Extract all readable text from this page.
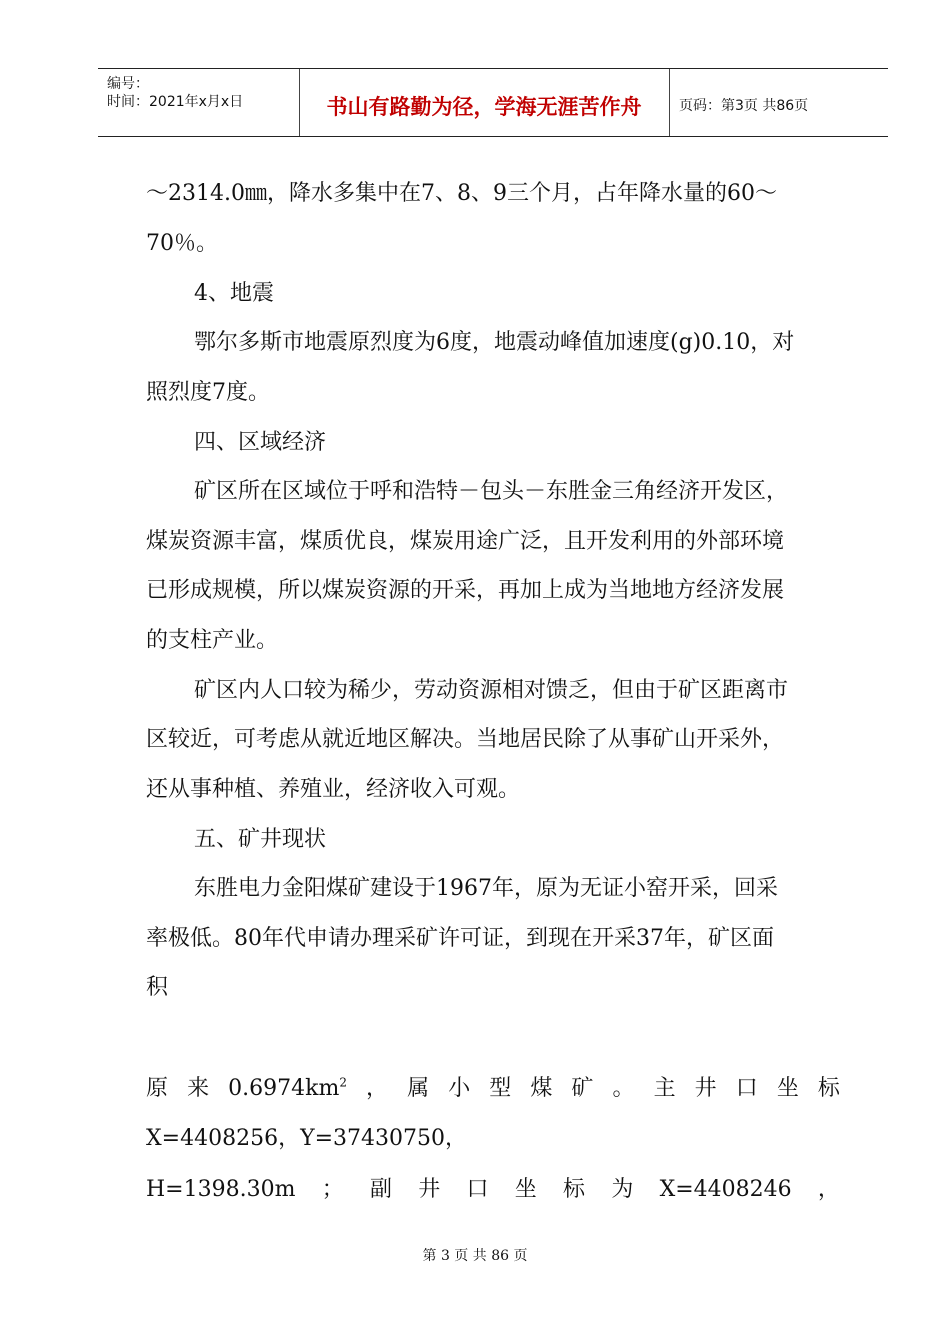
编号：
时间：2021年x月x日	书山有路勤为径，学海无涯苦作舟	页码：第3页 共86页
～2314.0㎜，降水多集中在7、8、9三个月，占年降水量的60～
70％。
4、地震
鄂尔多斯市地震原烈度为6度，地震动峰值加速度(g)0.10，对
照烈度7度。
四、区域经济
矿区所在区域位于呼和浩特－包头－东胜金三角经济开发区，
煤炭资源丰富，煤质优良，煤炭用途广泛，且开发利用的外部环境
已形成规模，所以煤炭资源的开采，再加上成为当地地方经济发展
的支柱产业。
矿区内人口较为稀少，劳动资源相对馈乏，但由于矿区距离市
区较近，可考虑从就近地区解决。当地居民除了从事矿山开采外，
还从事种植、养殖业，经济收入可观。
五、矿井现状
东胜电力金阳煤矿建设于1967年，原为无证小窑开采，回采
率极低。80年代申请办理采矿许可证，到现在开采37年，矿区面
积
原 来 $0.6974km^2$ ， 属 小 型 煤 矿 。 主 井 口 坐 标
X=4408256，Y=37430750，
H=1398.30m ； 副 井 口 坐 标 为 X=4408246 ，
第 3 页 共 86 页
